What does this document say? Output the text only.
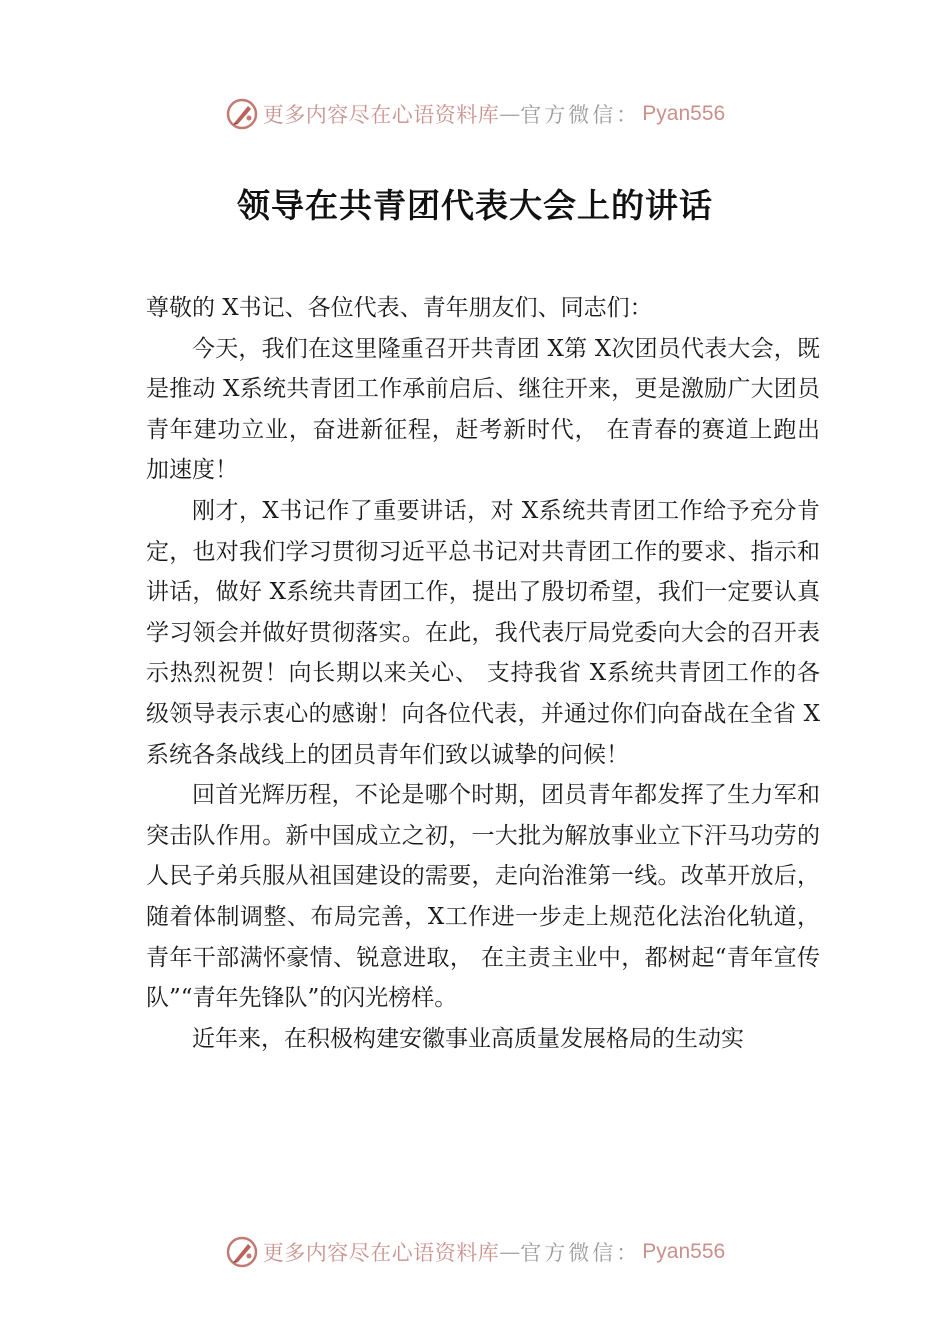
更多内容尽在心语资料库 — 官方微信： Pyan556
领导在共青团代表大会上的讲话

尊敬的 X书记、各位代表、青年朋友们、同志们：

今天，我们在这里隆重召开共青团 X第 X次团员代表大会，既是推动 X系统共青团工作承前启后、继往开来，更是激励广大团员青年建功立业，奋进新征程，赶考新时代， 在青春的赛道上跑出加速度！

刚才，X书记作了重要讲话，对 X系统共青团工作给予充分肯定，也对我们学习贯彻习近平总书记对共青团工作的要求、指示和讲话，做好 X系统共青团工作，提出了殷切希望，我们一定要认真学习领会并做好贯彻落实。在此，我代表厅局党委向大会的召开表示热烈祝贺！向长期以来关心、 支持我省 X系统共青团工作的各级领导表示衷心的感谢！向各位代表，并通过你们向奋战在全省 X系统各条战线上的团员青年们致以诚挚的问候！

回首光辉历程，不论是哪个时期，团员青年都发挥了生力军和突击队作用。新中国成立之初，一大批为解放事业立下汗马功劳的人民子弟兵服从祖国建设的需要，走向治淮第一线。改革开放后，随着体制调整、布局完善，X工作进一步走上规范化法治化轨道，青年干部满怀豪情、锐意进取， 在主责主业中，都树起“青年宣传队”“青年先锋队”的闪光榜样。

近年来，在积极构建安徽事业高质量发展格局的生动实

更多内容尽在心语资料库 — 官方微信： Pyan556
